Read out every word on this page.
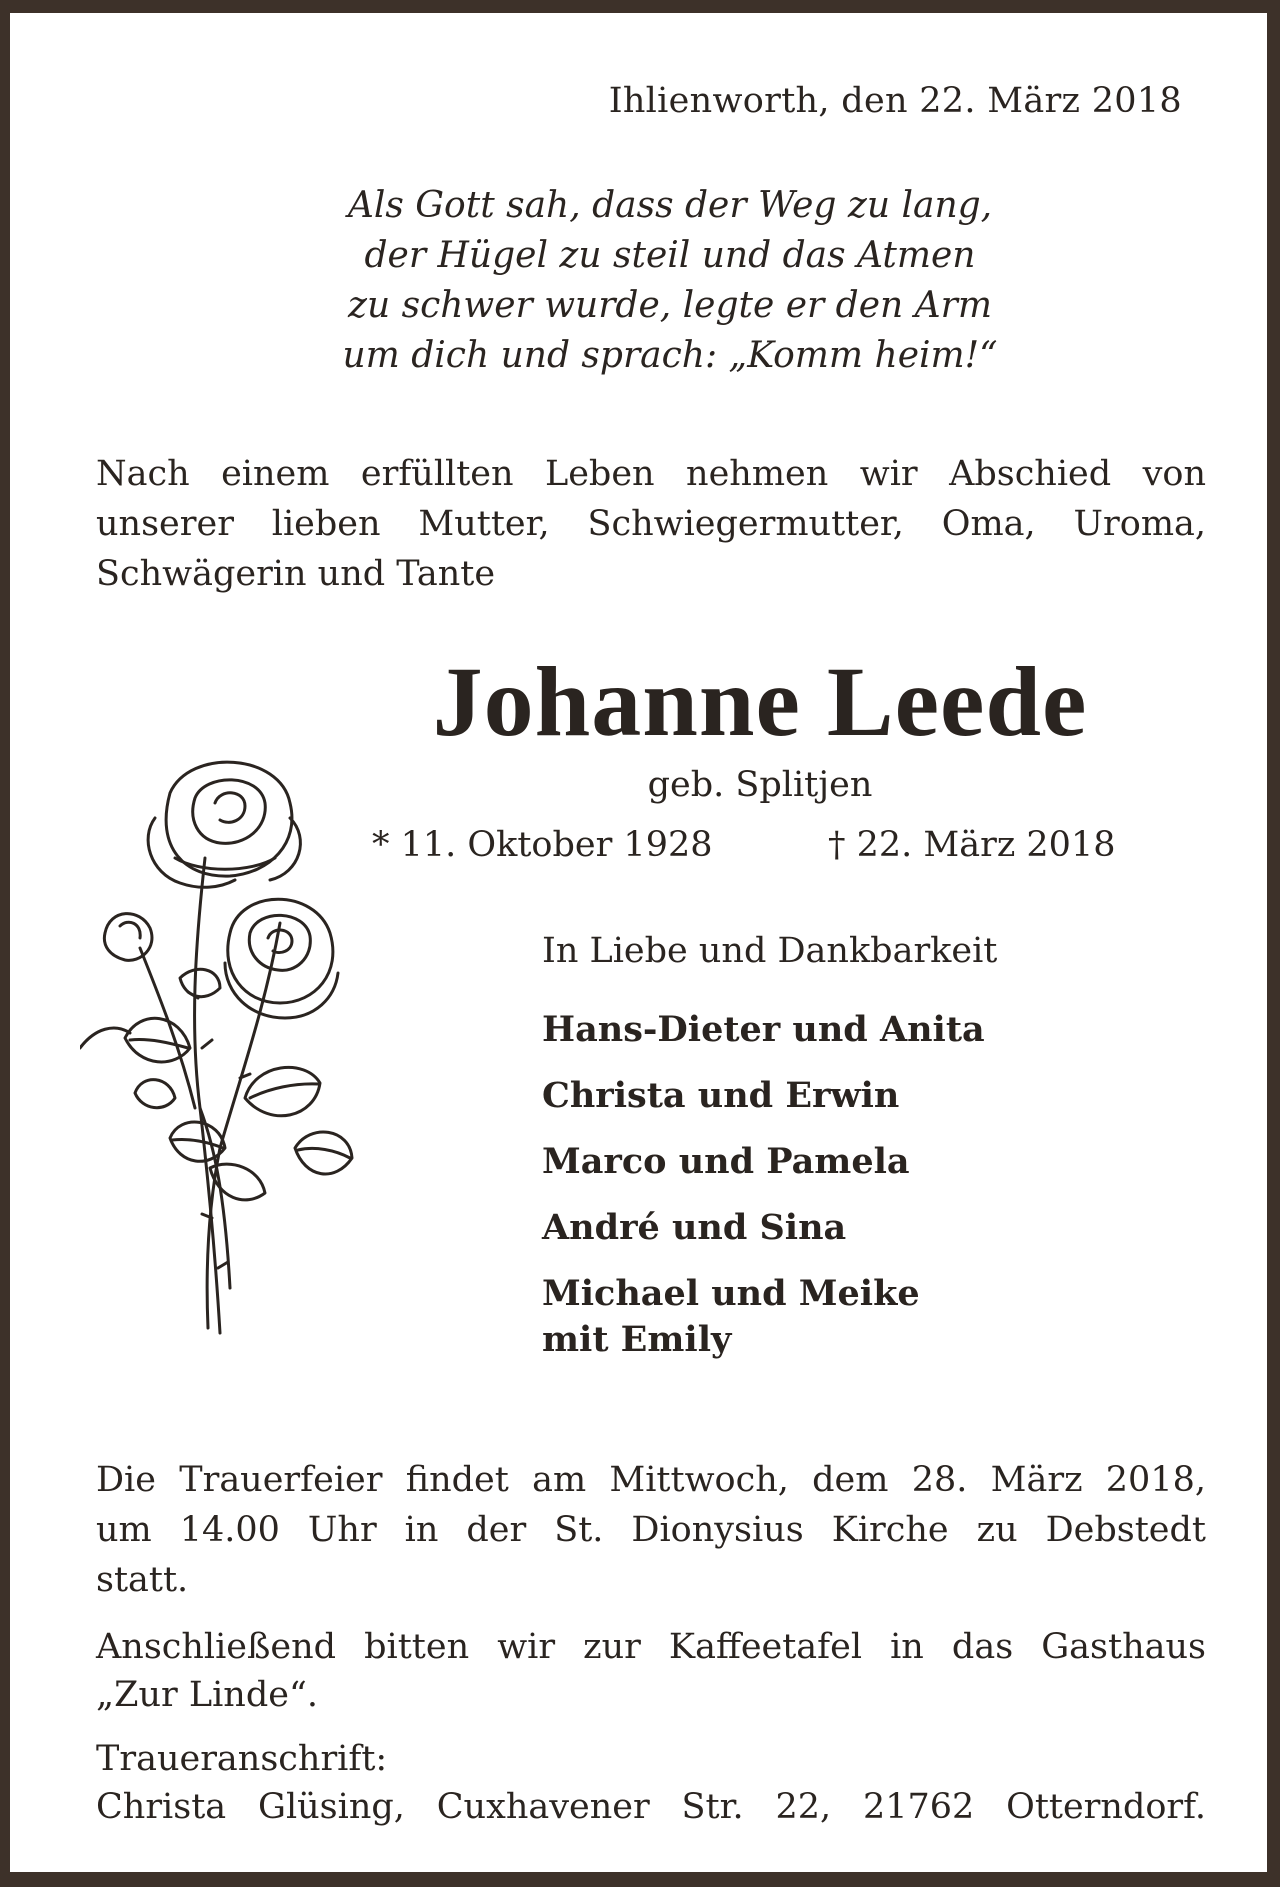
Ihlienworth, den 22. März 2018

Als Gott sah, dass der Weg zu lang,
der Hügel zu steil und das Atmen
zu schwer wurde, legte er den Arm
um dich und sprach: „Komm heim!“
Nach einem erfüllten Leben nehmen wir Abschied von
unserer lieben Mutter, Schwiegermutter, Oma, Uroma,
Schwägerin und Tante
Johanne Leede
geb. Splitjen
* 11. Oktober 1928	† 22. März 2018
In Liebe und Dankbarkeit
Hans-Dieter und Anita
Christa und Erwin
Marco und Pamela
André und Sina
Michael und Meike
mit Emily
Die Trauerfeier findet am Mittwoch, dem 28. März 2018,
um 14.00 Uhr in der St. Dionysius Kirche zu Debstedt
statt.
Anschließend bitten wir zur Kaffeetafel in das Gasthaus
„Zur Linde“.
Traueranschrift:
Christa Glüsing, Cuxhavener Str. 22, 21762 Otterndorf.
